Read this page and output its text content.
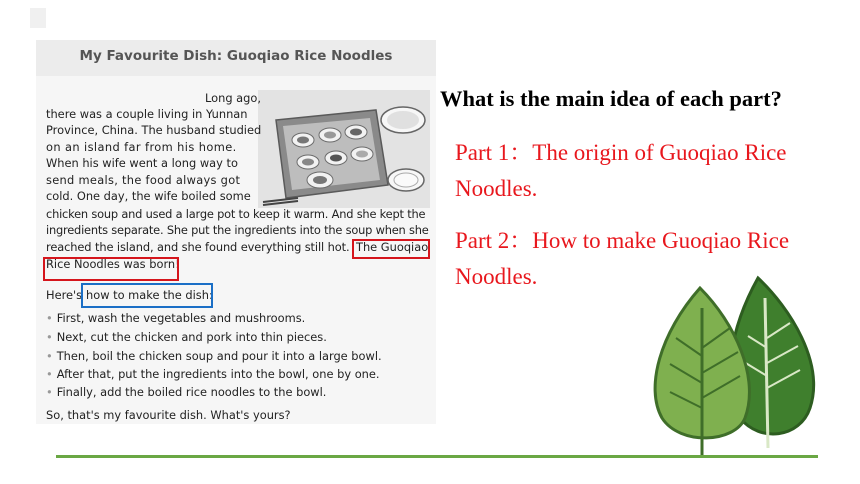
My Favourite Dish: Guoqiao Rice Noodles
Long ago,
there was a couple living in Yunnan
Province, China. The husband studied
on an island far from his home.
When his wife went a long way to
send meals, the food always got
cold. One day, the wife boiled some
chicken soup and used a large pot to keep it warm. And she kept the
ingredients separate. She put the ingredients into the soup when she
reached the island, and she found everything still hot. The Guoqiao
Rice Noodles was born!
Here's how to make the dish:
• First, wash the vegetables and mushrooms.
• Next, cut the chicken and pork into thin pieces.
• Then, boil the chicken soup and pour it into a large bowl.
• After that, put the ingredients into the bowl, one by one.
• Finally, add the boiled rice noodles to the bowl.
So, that's my favourite dish. What's yours?
What is the main idea of each part?
Part 1：The origin of Guoqiao Rice
Noodles.
Part 2：How to make Guoqiao Rice
Noodles.
